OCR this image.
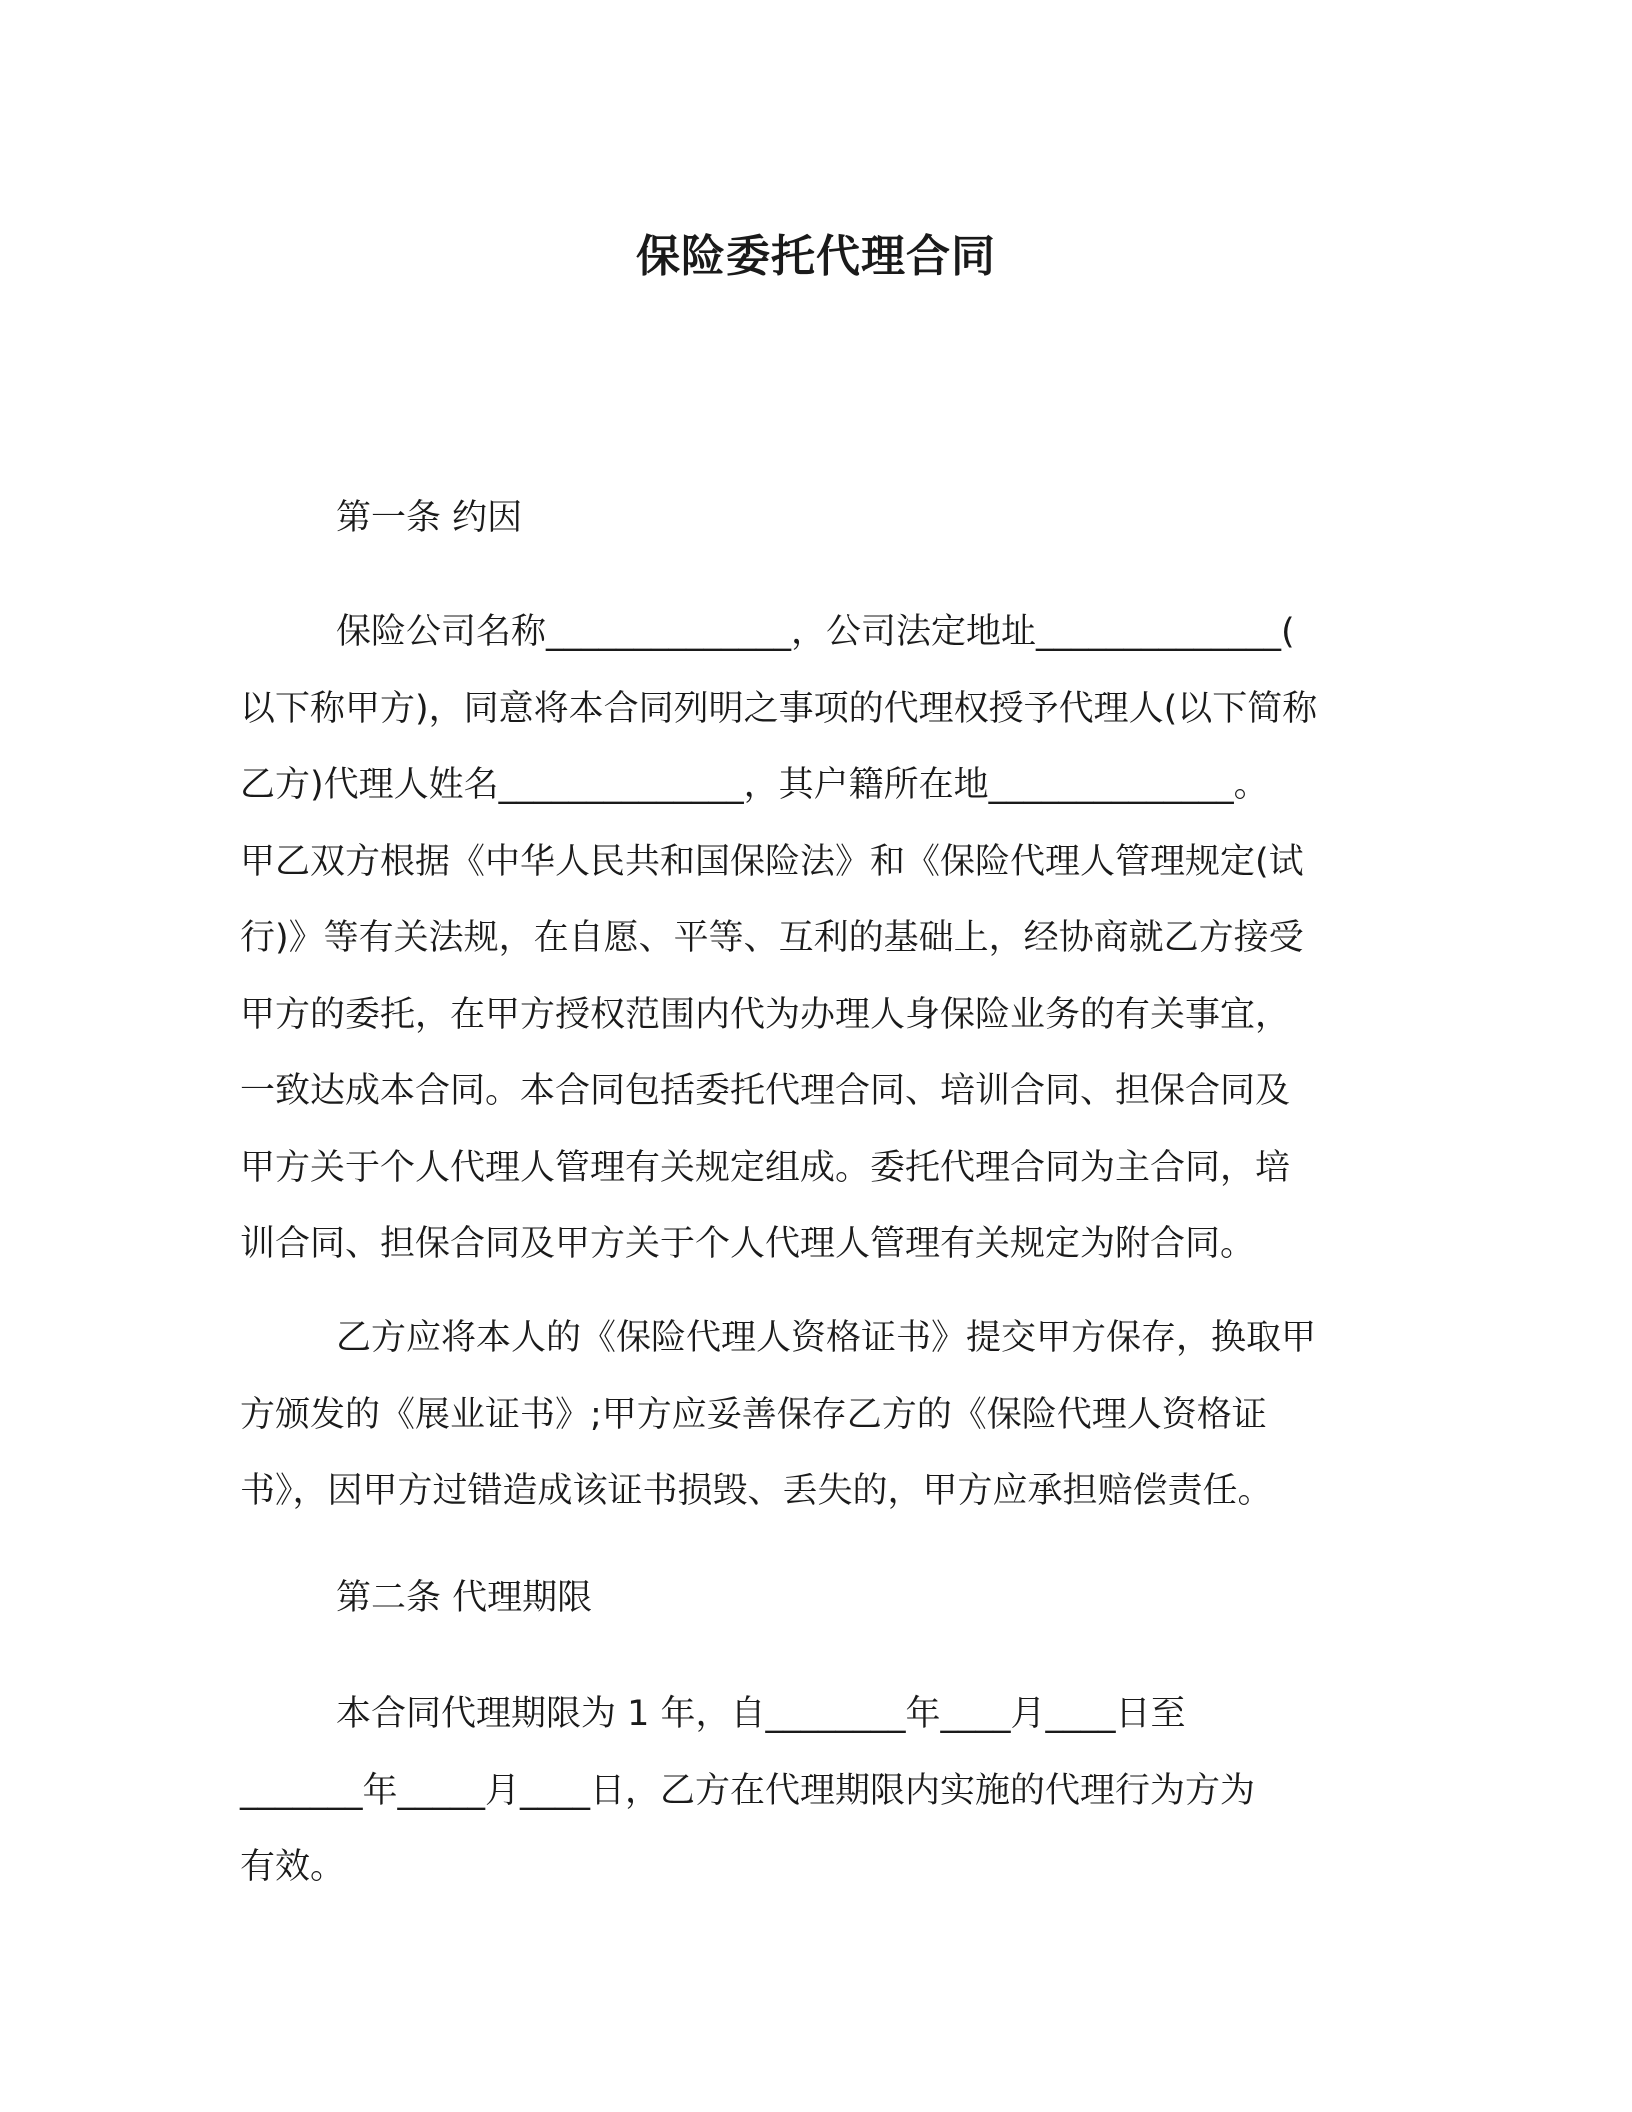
保险委托代理合同
第一条 约因
保险公司名称______________，公司法定地址______________(
以下称甲方)，同意将本合同列明之事项的代理权授予代理人(以下简称
乙方)代理人姓名______________，其户籍所在地______________。
甲乙双方根据《中华人民共和国保险法》和《保险代理人管理规定(试
行)》等有关法规，在自愿、平等、互利的基础上，经协商就乙方接受
甲方的委托，在甲方授权范围内代为办理人身保险业务的有关事宜，
一致达成本合同。本合同包括委托代理合同、培训合同、担保合同及
甲方关于个人代理人管理有关规定组成。委托代理合同为主合同，培
训合同、担保合同及甲方关于个人代理人管理有关规定为附合同。
乙方应将本人的《保险代理人资格证书》提交甲方保存，换取甲
方颁发的《展业证书》;甲方应妥善保存乙方的《保险代理人资格证
书》，因甲方过错造成该证书损毁、丢失的，甲方应承担赔偿责任。
第二条 代理期限
本合同代理期限为 1 年，自________年____月____日至
_______年_____月____日，乙方在代理期限内实施的代理行为方为
有效。
